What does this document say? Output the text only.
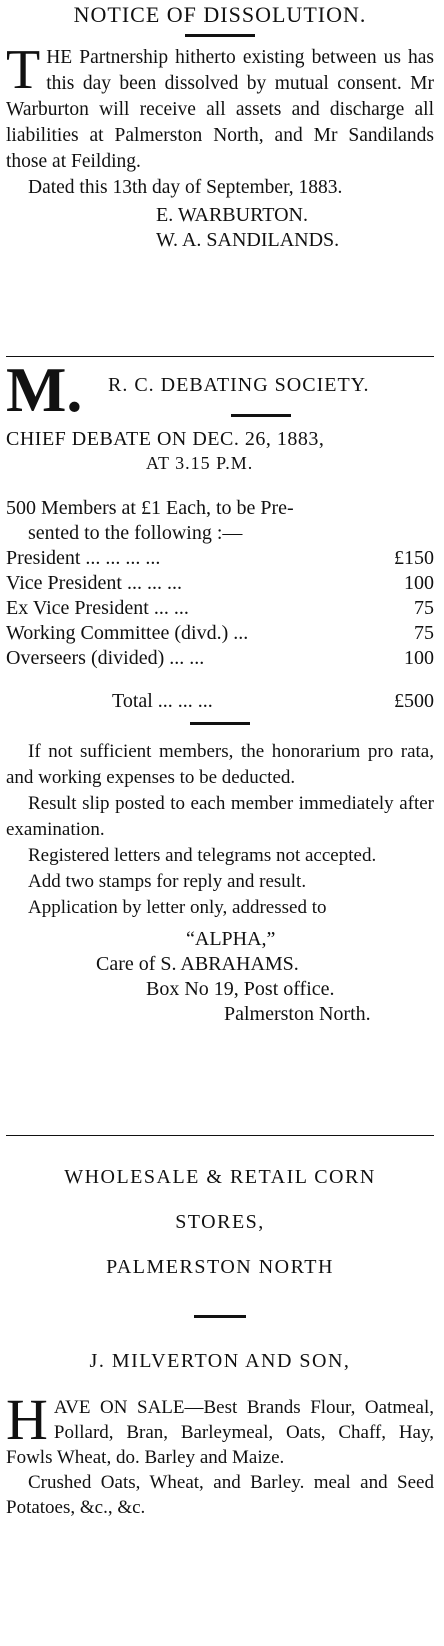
NOTICE OF DISSOLUTION.
T HE Partnership hitherto existing between us has this day been dissolved by mutual consent. Mr Warburton will receive all assets and discharge all liabilities at Palmerston North, and Mr Sandilands those at Feilding.
Dated this 13th day of September, 1883.
E. WARBURTON.
W. A. SANDILANDS.
M. R. C. DEBATING SOCIETY.
CHIEF DEBATE ON DEC. 26, 1883,
AT 3.15 P.M.
500 Members at £1 Each, to be Pre-
sented to the following :—
President ... ... ... ...	£150
Vice President ... ... ...	100
Ex Vice President ... ...	75
Working Committee (divd.) ...	75
Overseers (divided) ... ...	100
Total ... ... ...	£500

If not sufficient members, the honorarium pro rata, and working expenses to be deducted.

Result slip posted to each member immediately after examination.

Registered letters and telegrams not accepted.

Add two stamps for reply and result.

Application by letter only, addressed to

“ALPHA,”
Care of S. ABRAHAMS.
Box No 19, Post office.
Palmerston North.
WHOLESALE & RETAIL CORN
STORES,
PALMERSTON NORTH
J. MILVERTON AND SON,
H AVE ON SALE—Best Brands Flour, Oatmeal, Pollard, Bran, Barleymeal, Oats, Chaff, Hay, Fowls Wheat, do. Barley and Maize.
Crushed Oats, Wheat, and Barley. meal and Seed Potatoes, &c., &c.
